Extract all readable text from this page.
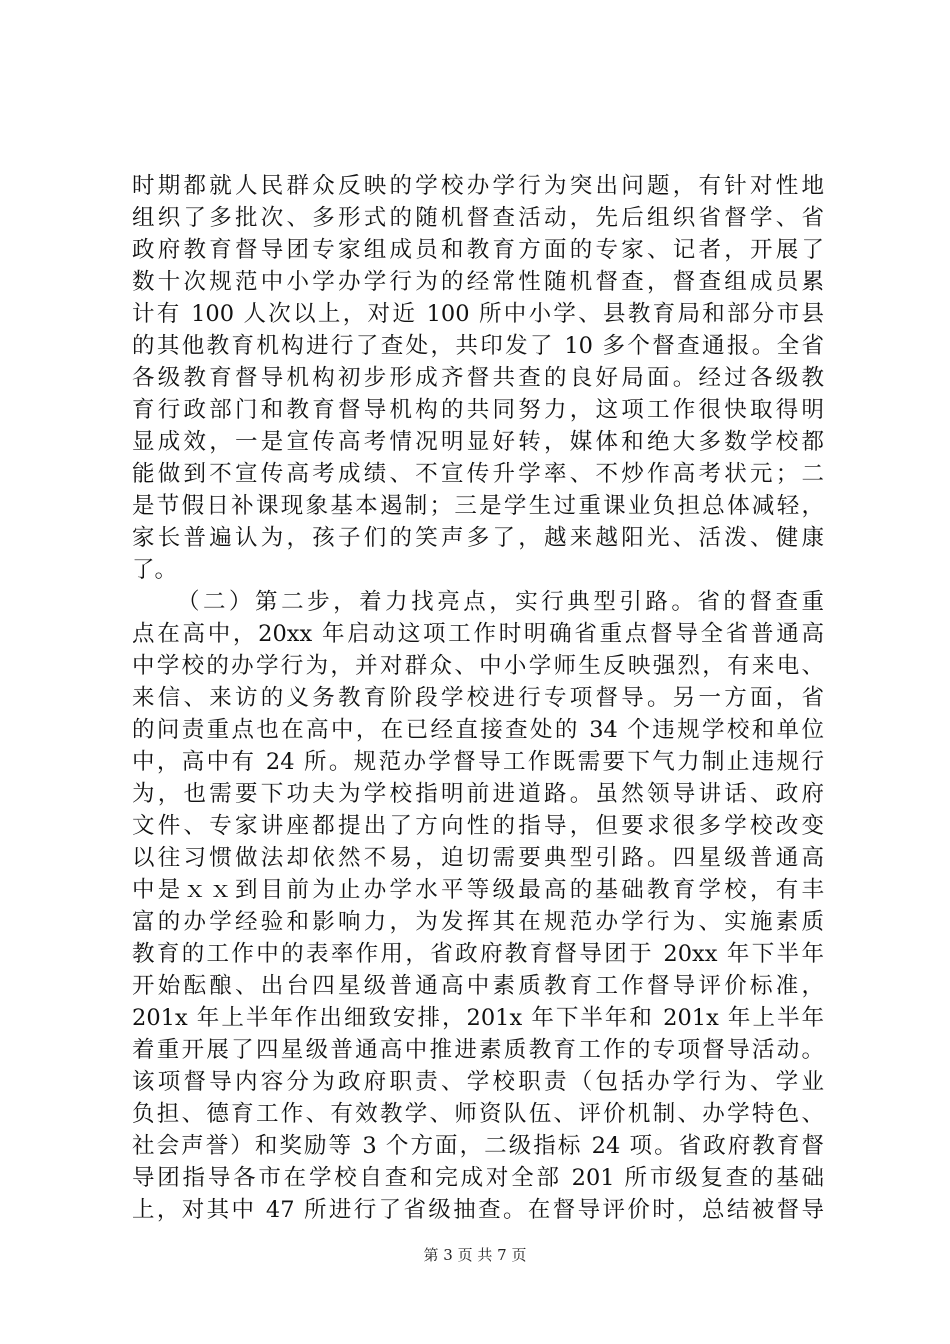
时期都就人民群众反映的学校办学行为突出问题，有针对性地
组织了多批次、多形式的随机督查活动，先后组织省督学、省
政府教育督导团专家组成员和教育方面的专家、记者，开展了
数十次规范中小学办学行为的经常性随机督查，督查组成员累
计有 100 人次以上，对近 100 所中小学、县教育局和部分市县
的其他教育机构进行了查处，共印发了 10 多个督查通报。全省
各级教育督导机构初步形成齐督共查的良好局面。经过各级教
育行政部门和教育督导机构的共同努力，这项工作很快取得明
显成效，一是宣传高考情况明显好转，媒体和绝大多数学校都
能做到不宣传高考成绩、不宣传升学率、不炒作高考状元；二
是节假日补课现象基本遏制；三是学生过重课业负担总体减轻，
家长普遍认为，孩子们的笑声多了，越来越阳光、活泼、健康
了。
（二）第二步，着力找亮点，实行典型引路。省的督查重
点在高中，20xx 年启动这项工作时明确省重点督导全省普通高
中学校的办学行为，并对群众、中小学师生反映强烈，有来电、
来信、来访的义务教育阶段学校进行专项督导。另一方面，省
的问责重点也在高中，在已经直接查处的 34 个违规学校和单位
中，高中有 24 所。规范办学督导工作既需要下气力制止违规行
为，也需要下功夫为学校指明前进道路。虽然领导讲话、政府
文件、专家讲座都提出了方向性的指导，但要求很多学校改变
以往习惯做法却依然不易，迫切需要典型引路。四星级普通高
中是ｘｘ到目前为止办学水平等级最高的基础教育学校，有丰
富的办学经验和影响力，为发挥其在规范办学行为、实施素质
教育的工作中的表率作用，省政府教育督导团于 20xx 年下半年
开始酝酿、出台四星级普通高中素质教育工作督导评价标准，
201x 年上半年作出细致安排，201x 年下半年和 201x 年上半年
着重开展了四星级普通高中推进素质教育工作的专项督导活动。
该项督导内容分为政府职责、学校职责（包括办学行为、学业
负担、德育工作、有效教学、师资队伍、评价机制、办学特色、
社会声誉）和奖励等 3 个方面，二级指标 24 项。省政府教育督
导团指导各市在学校自查和完成对全部 201 所市级复查的基础
上，对其中 47 所进行了省级抽查。在督导评价时，总结被督导
第 3 页 共 7 页
